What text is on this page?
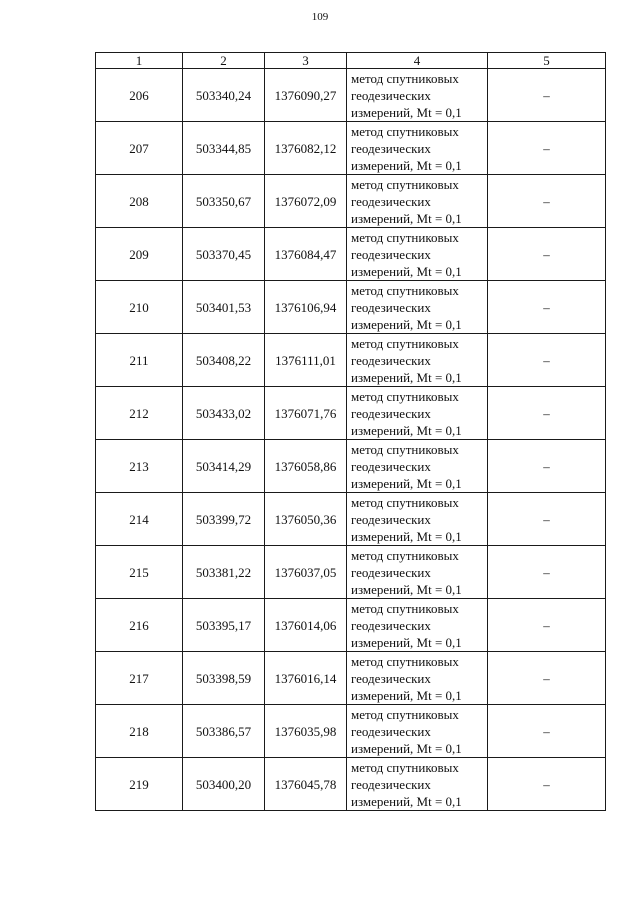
109
1	2	3	4	5
206	503340,24	1376090,27	метод спутниковых
геодезических
измерений, Mt = 0,1	–
207	503344,85	1376082,12	метод спутниковых
геодезических
измерений, Mt = 0,1	–
208	503350,67	1376072,09	метод спутниковых
геодезических
измерений, Mt = 0,1	–
209	503370,45	1376084,47	метод спутниковых
геодезических
измерений, Mt = 0,1	–
210	503401,53	1376106,94	метод спутниковых
геодезических
измерений, Mt = 0,1	–
211	503408,22	1376111,01	метод спутниковых
геодезических
измерений, Mt = 0,1	–
212	503433,02	1376071,76	метод спутниковых
геодезических
измерений, Mt = 0,1	–
213	503414,29	1376058,86	метод спутниковых
геодезических
измерений, Mt = 0,1	–
214	503399,72	1376050,36	метод спутниковых
геодезических
измерений, Mt = 0,1	–
215	503381,22	1376037,05	метод спутниковых
геодезических
измерений, Mt = 0,1	–
216	503395,17	1376014,06	метод спутниковых
геодезических
измерений, Mt = 0,1	–
217	503398,59	1376016,14	метод спутниковых
геодезических
измерений, Mt = 0,1	–
218	503386,57	1376035,98	метод спутниковых
геодезических
измерений, Mt = 0,1	–
219	503400,20	1376045,78	метод спутниковых
геодезических
измерений, Mt = 0,1	–
